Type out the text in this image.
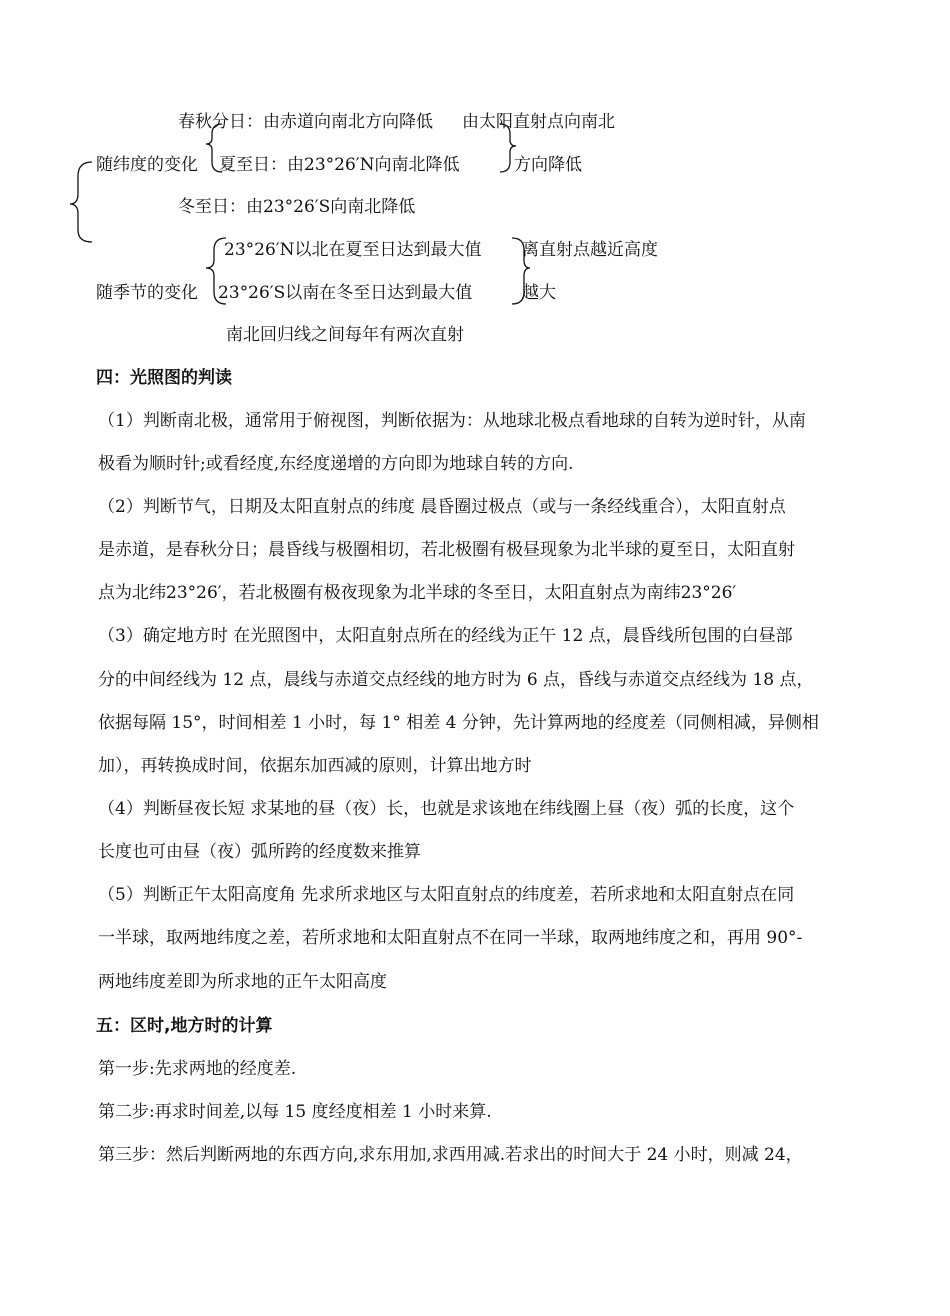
春秋分日：由赤道向南北方向降低 由太阳直射点向南北
随纬度的变化 夏至日：由23°26′N向南北降低	方向降低
冬至日：由23°26′S向南北降低
23°26′N以北在夏至日达到最大值 离直射点越近高度
随季节的变化 23°26′S以南在冬至日达到最大值	越大
南北回归线之间每年有两次直射
四：光照图的判读
（1）判断南北极，通常用于俯视图，判断依据为：从地球北极点看地球的自转为逆时针，从南
极看为顺时针;或看经度,东经度递增的方向即为地球自转的方向.
（2）判断节气，日期及太阳直射点的纬度 晨昏圈过极点（或与一条经线重合），太阳直射点
是赤道，是春秋分日；晨昏线与极圈相切，若北极圈有极昼现象为北半球的夏至日，太阳直射
点为北纬23°26′，若北极圈有极夜现象为北半球的冬至日，太阳直射点为南纬23°26′
（3）确定地方时 在光照图中，太阳直射点所在的经线为正午 12 点，晨昏线所包围的白昼部
分的中间经线为 12 点，晨线与赤道交点经线的地方时为 6 点，昏线与赤道交点经线为 18 点，
依据每隔 15°，时间相差 1 小时，每 1° 相差 4 分钟，先计算两地的经度差（同侧相减，异侧相
加），再转换成时间，依据东加西减的原则，计算出地方时
（4）判断昼夜长短 求某地的昼（夜）长，也就是求该地在纬线圈上昼（夜）弧的长度，这个
长度也可由昼（夜）弧所跨的经度数来推算
（5）判断正午太阳高度角 先求所求地区与太阳直射点的纬度差，若所求地和太阳直射点在同
一半球，取两地纬度之差，若所求地和太阳直射点不在同一半球，取两地纬度之和，再用 90°-
两地纬度差即为所求地的正午太阳高度
五：区时,地方时的计算
第一步:先求两地的经度差.
第二步:再求时间差,以每 15 度经度相差 1 小时来算.
第三步：然后判断两地的东西方向,求东用加,求西用减.若求出的时间大于 24 小时，则减 24，
